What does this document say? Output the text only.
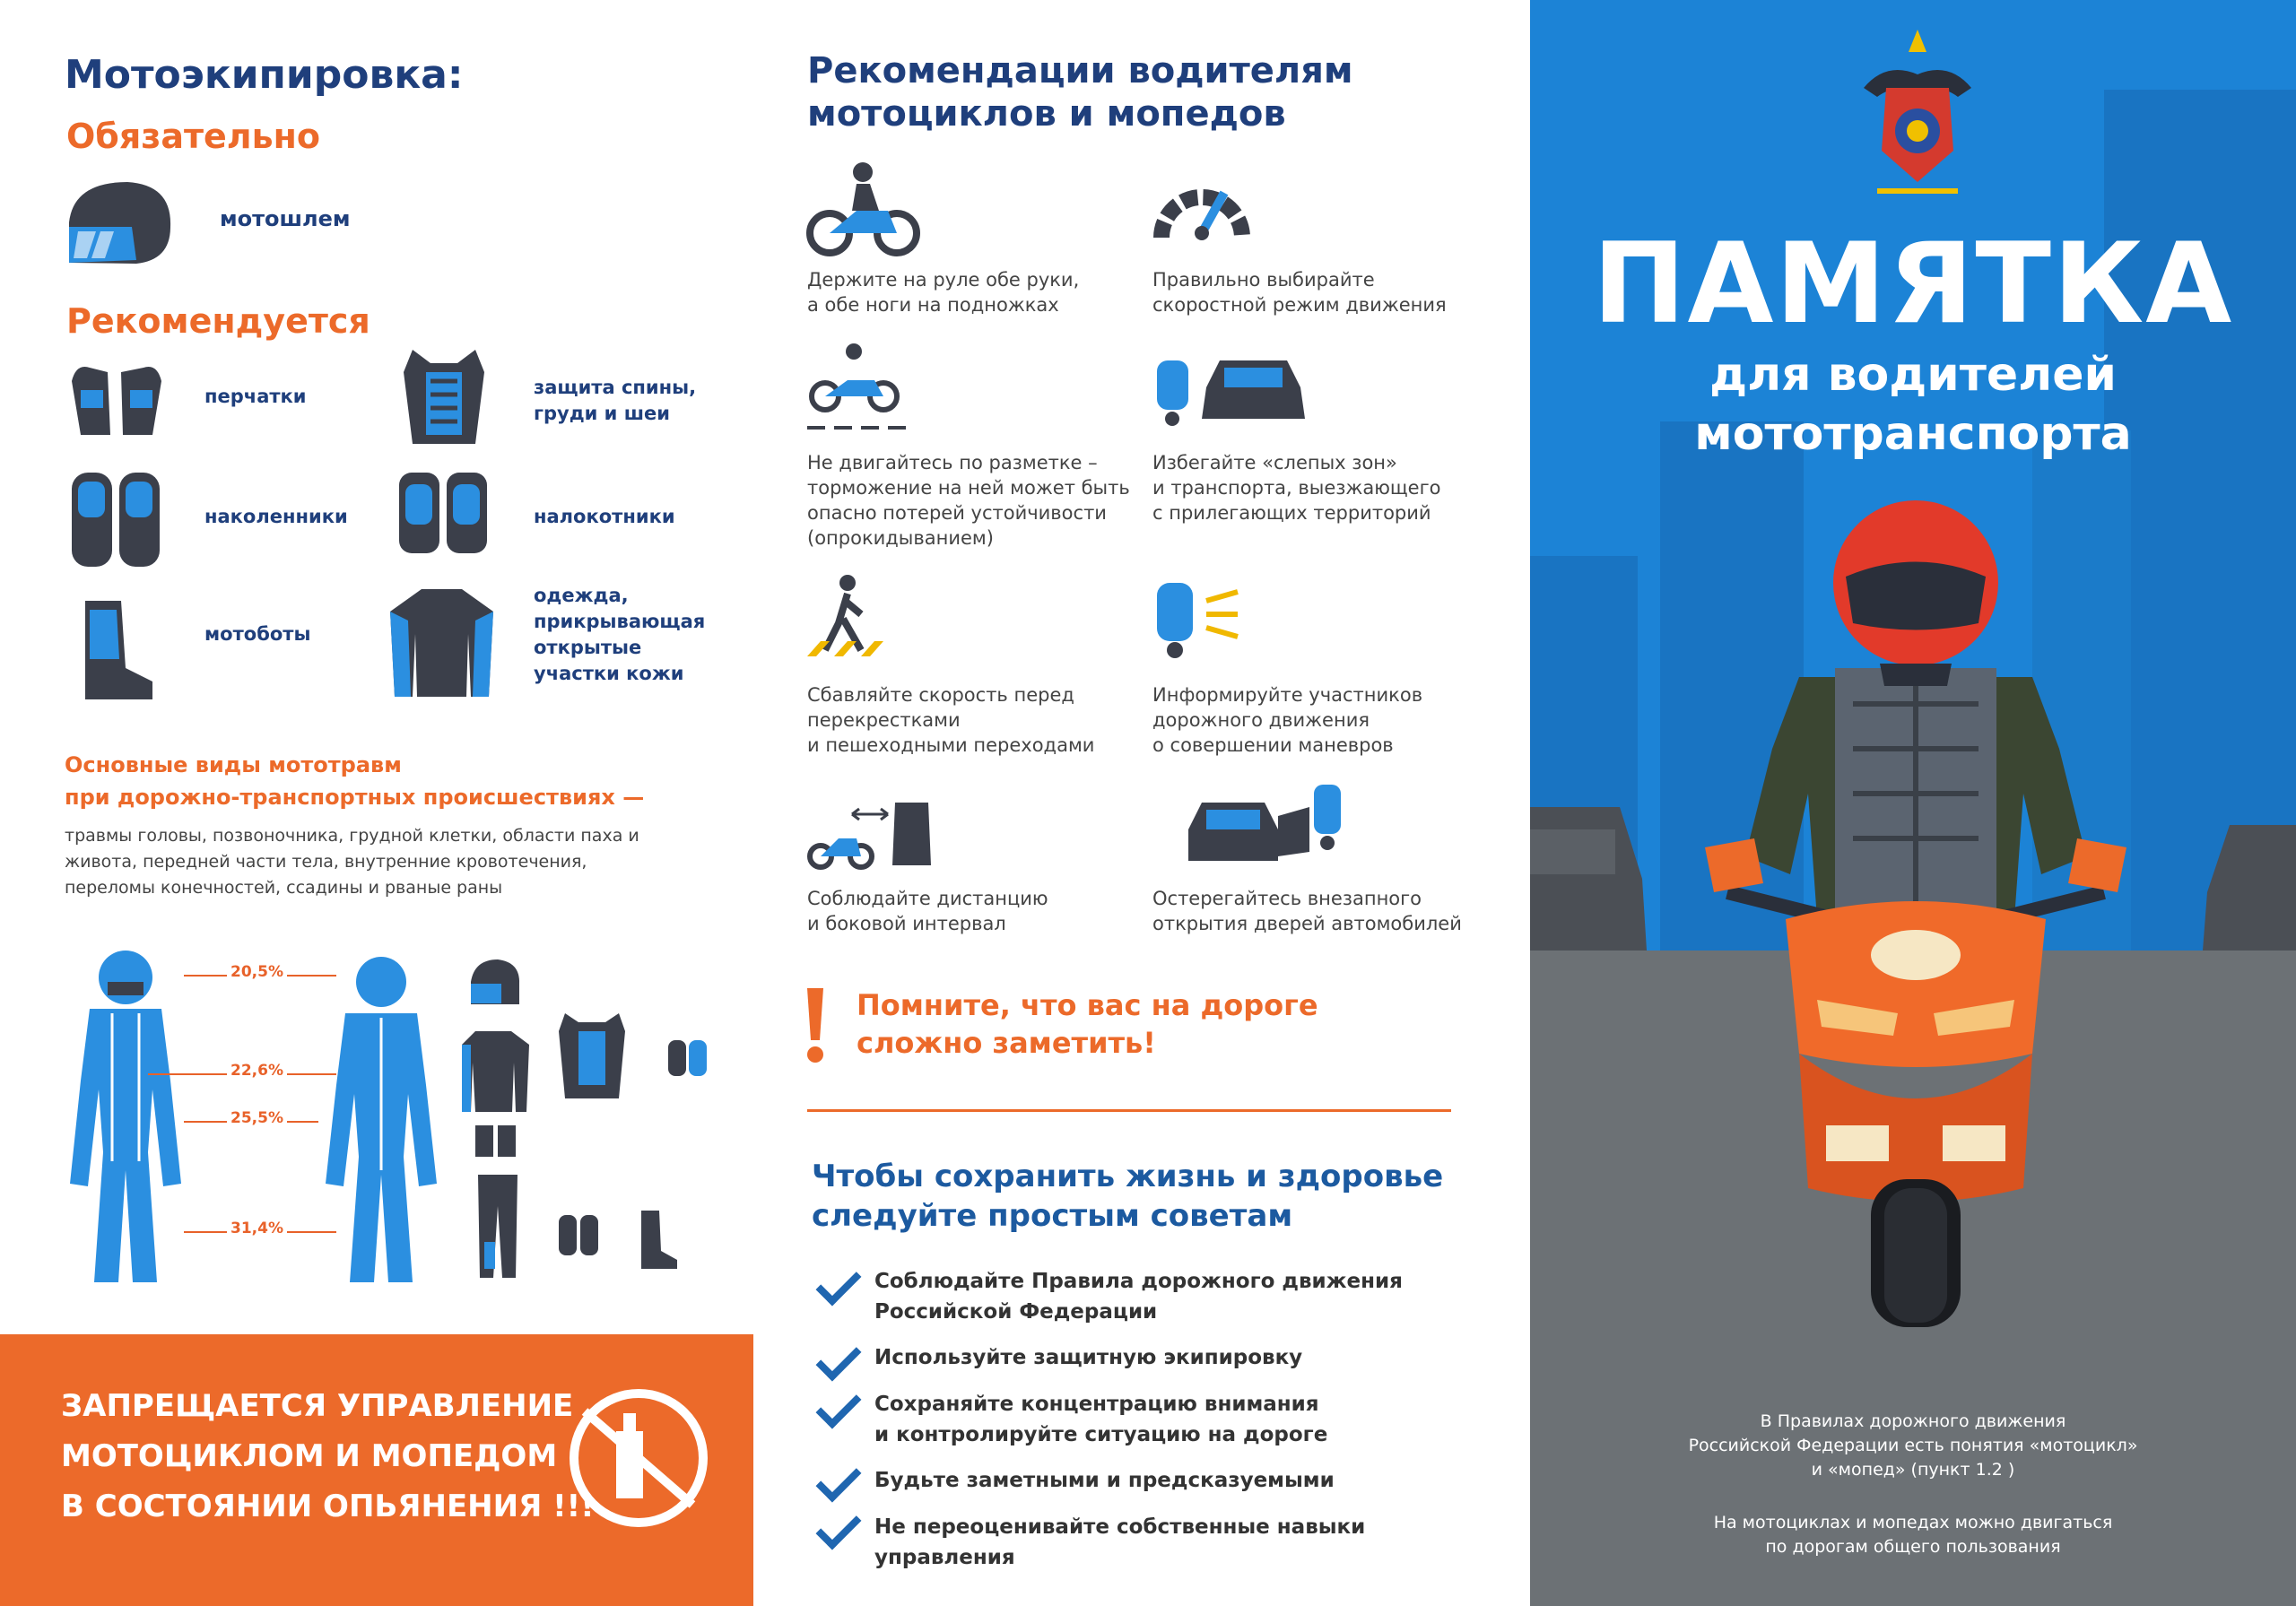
Мотоэкипировка:
Обязательно
мотошлем
Рекомендуется
перчатки	защита спины, груди и шеи
наколенники	налокотники
мотоботы
одежда, прикрывающая открытые участки кожи
Основные виды мототравм
при дорожно-транспортных происшествиях —
травмы головы, позвоночника, грудной клетки, области паха и живота, передней части тела, внутренние кровотечения, переломы конечностей, ссадины и рваные раны
20,5%
22,6%
25,5%
31,4%
ЗАПРЕЩАЕТСЯ УПРАВЛЕНИЕ
МОТОЦИКЛОМ И МОПЕДОМ
В СОСТОЯНИИ ОПЬЯНЕНИЯ !!!
Рекомендации водителям
мотоциклов и мопедов
Держите на руле обе руки,
а обе ноги на подножках
Правильно выбирайте
скоростной режим движения
Не двигайтесь по разметке –
торможение на ней может быть
опасно потерей устойчивости
(опрокидыванием)
Избегайте «слепых зон»
и транспорта, выезжающего
с прилегающих территорий
Сбавляйте скорость перед
перекрестками
и пешеходными переходами
Информируйте участников
дорожного движения
о совершении маневров
Соблюдайте дистанцию
и боковой интервал
Остерегайтесь внезапного
открытия дверей автомобилей
Помните, что вас на дороге
сложно заметить!
Чтобы сохранить жизнь и здоровье
следуйте простым советам
Соблюдайте Правила дорожного движения
Российской Федерации
Используйте защитную экипировку
Сохраняйте концентрацию внимания
и контролируйте ситуацию на дороге
Будьте заметными и предсказуемыми
Не переоценивайте собственные навыки
управления
ПАМЯТКА
для водителей
мототранспорта
В Правилах дорожного движения
Российской Федерации есть понятия «мотоцикл»
и «мопед» (пункт 1.2 )
На мотоциклах и мопедах можно двигаться
по дорогам общего пользования
